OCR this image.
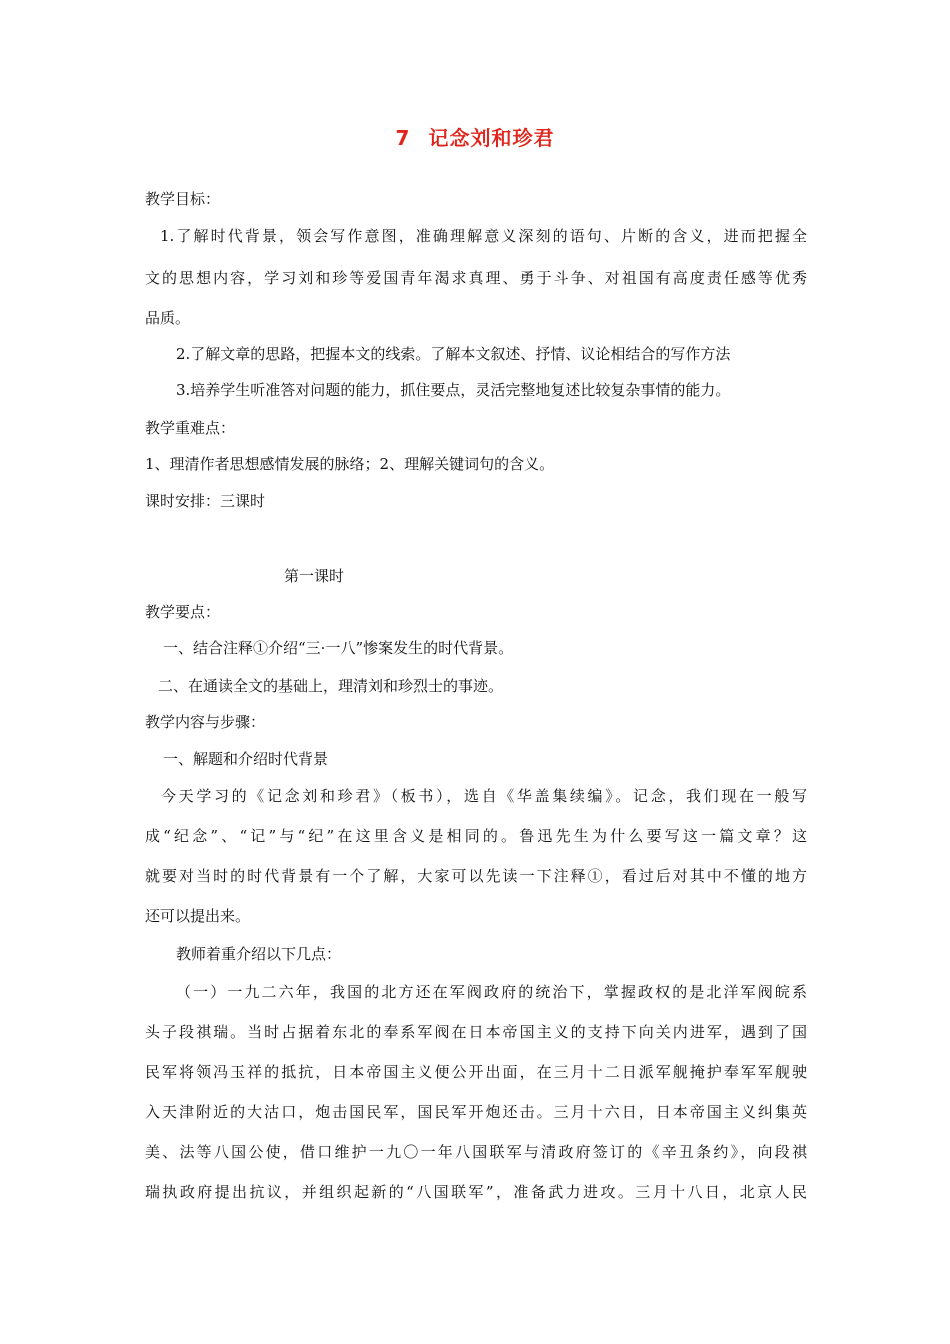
7 记念刘和珍君
教学目标：
1.了解时代背景，领会写作意图，准确理解意义深刻的语句、片断的含义，进而把握全
文的思想内容，学习刘和珍等爱国青年渴求真理、勇于斗争、对祖国有高度责任感等优秀
品质。
2.了解文章的思路，把握本文的线索。了解本文叙述、抒情、议论相结合的写作方法
3.培养学生听准答对问题的能力，抓住要点，灵活完整地复述比较复杂事情的能力。
教学重难点：
1、理清作者思想感情发展的脉络；2、理解关键词句的含义。
课时安排：三课时
第一课时
教学要点：
一、结合注释①介绍“三·一八”惨案发生的时代背景。
二、在通读全文的基础上，理清刘和珍烈士的事迹。
教学内容与步骤：
一、解题和介绍时代背景
今天学习的《记念刘和珍君》（板书），选自《华盖集续编》。记念，我们现在一般写
成“纪念”、“记”与“纪”在这里含义是相同的。鲁迅先生为什么要写这一篇文章？这
就要对当时的时代背景有一个了解，大家可以先读一下注释①，看过后对其中不懂的地方
还可以提出来。
教师着重介绍以下几点：
（一）一九二六年，我国的北方还在军阀政府的统治下，掌握政权的是北洋军阀皖系
头子段祺瑞。当时占据着东北的奉系军阀在日本帝国主义的支持下向关内进军，遇到了国
民军将领冯玉祥的抵抗，日本帝国主义便公开出面，在三月十二日派军舰掩护奉军军舰驶
入天津附近的大沽口，炮击国民军，国民军开炮还击。三月十六日，日本帝国主义纠集英
美、法等八国公使，借口维护一九〇一年八国联军与清政府签订的《辛丑条约》，向段祺
瑞执政府提出抗议，并组织起新的“八国联军”，准备武力进攻。三月十八日，北京人民
